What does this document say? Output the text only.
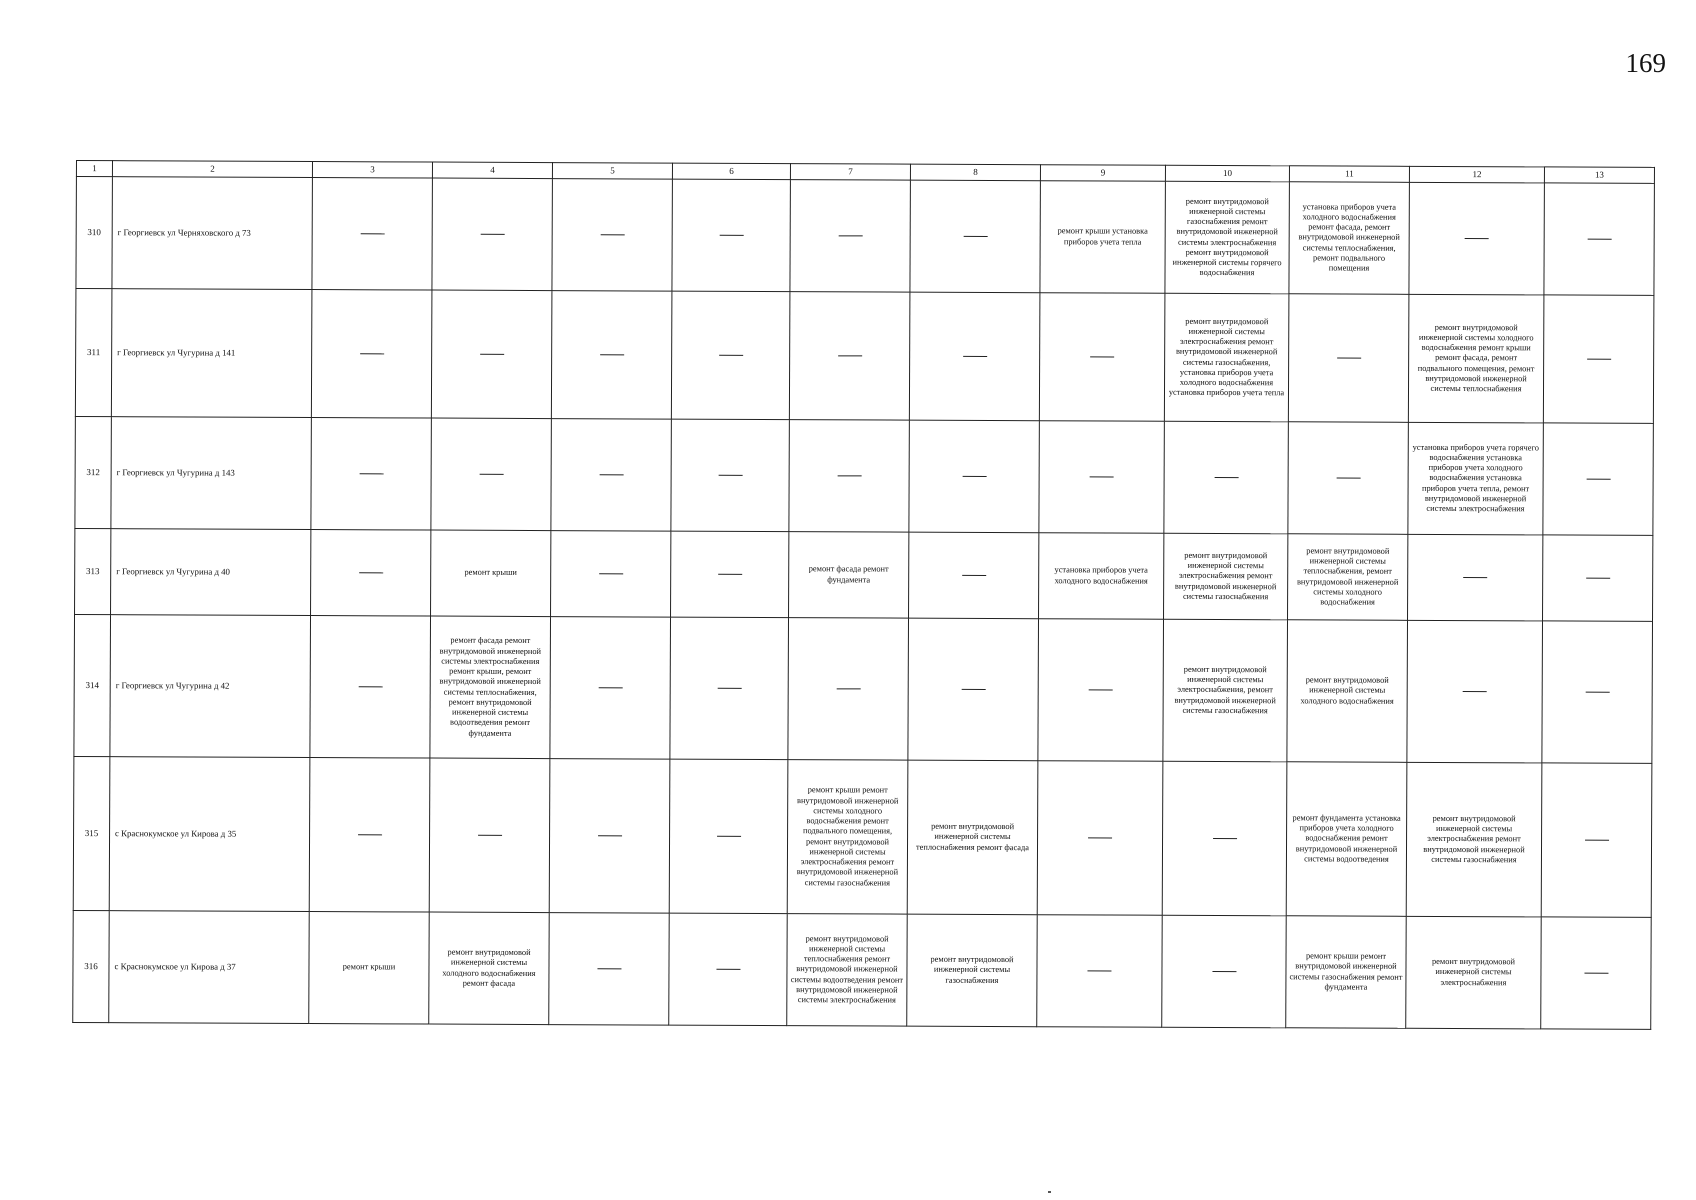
169
1	2	3	4	5	6	7	8	9	10	11	12	13
310	г Георгиевск ул Черняховского д 73							ремонт крыши установка приборов учета тепла	ремонт внутридомовой инженерной системы газоснабжения ремонт внутридомовой инженерной системы электроснабжения ремонт внутридомовой инженерной системы горячего водоснабжения	установка приборов учета холодного водоснабжения ремонт фасада, ремонт внутридомовой инженерной системы теплоснабжения, ремонт подвального помещения		
311	г Георгиевск ул Чугурина д 141								ремонт внутридомовой инженерной системы электроснабжения ремонт внутридомовой инженерной системы газоснабжения, установка приборов учета холодного водоснабжения установка приборов учета тепла		ремонт внутридомовой инженерной системы холодного водоснабжения ремонт крыши ремонт фасада, ремонт подвального помещения, ремонт внутридомовой инженерной системы теплоснабжения	
312	г Георгиевск ул Чугурина д 143										установка приборов учета горячего водоснабжения установка приборов учета холодного водоснабжения установка приборов учета тепла, ремонт внутридомовой инженерной системы электроснабжения	
313	г Георгиевск ул Чугурина д 40		ремонт крыши			ремонт фасада ремонт фундамента		установка приборов учета холодного водоснабжения	ремонт внутридомовой инженерной системы электроснабжения ремонт внутридомовой инженерной системы газоснабжения	ремонт внутридомовой инженерной системы теплоснабжения, ремонт внутридомовой инженерной системы холодного водоснабжения		
314	г Георгиевск ул Чугурина д 42		ремонт фасада ремонт внутридомовой инженерной системы электроснабжения ремонт крыши, ремонт внутридомовой инженерной системы теплоснабжения, ремонт внутридомовой инженерной системы водоотведения ремонт фундамента						ремонт внутридомовой инженерной системы электроснабжения, ремонт внутридомовой инженерной системы газоснабжения	ремонт внутридомовой инженерной системы холодного водоснабжения		
315	с Краснокумское ул Кирова д 35					ремонт крыши ремонт внутридомовой инженерной системы холодного водоснабжения ремонт подвального помещения, ремонт внутридомовой инженерной системы электроснабжения ремонт внутридомовой инженерной системы газоснабжения	ремонт внутридомовой инженерной системы теплоснабжения ремонт фасада			ремонт фундамента установка приборов учета холодного водоснабжения ремонт внутридомовой инженерной системы водоотведения	ремонт внутридомовой инженерной системы электроснабжения ремонт внутридомовой инженерной системы газоснабжения	
316	с Краснокумское ул Кирова д 37	ремонт крыши	ремонт внутридомовой инженерной системы холодного водоснабжения ремонт фасада			ремонт внутридомовой инженерной системы теплоснабжения ремонт внутридомовой инженерной системы водоотведения ремонт внутридомовой инженерной системы электроснабжения	ремонт внутридомовой инженерной системы газоснабжения			ремонт крыши ремонт внутридомовой инженерной системы газоснабжения ремонт фундамента	ремонт внутридомовой инженерной системы электроснабжения	
